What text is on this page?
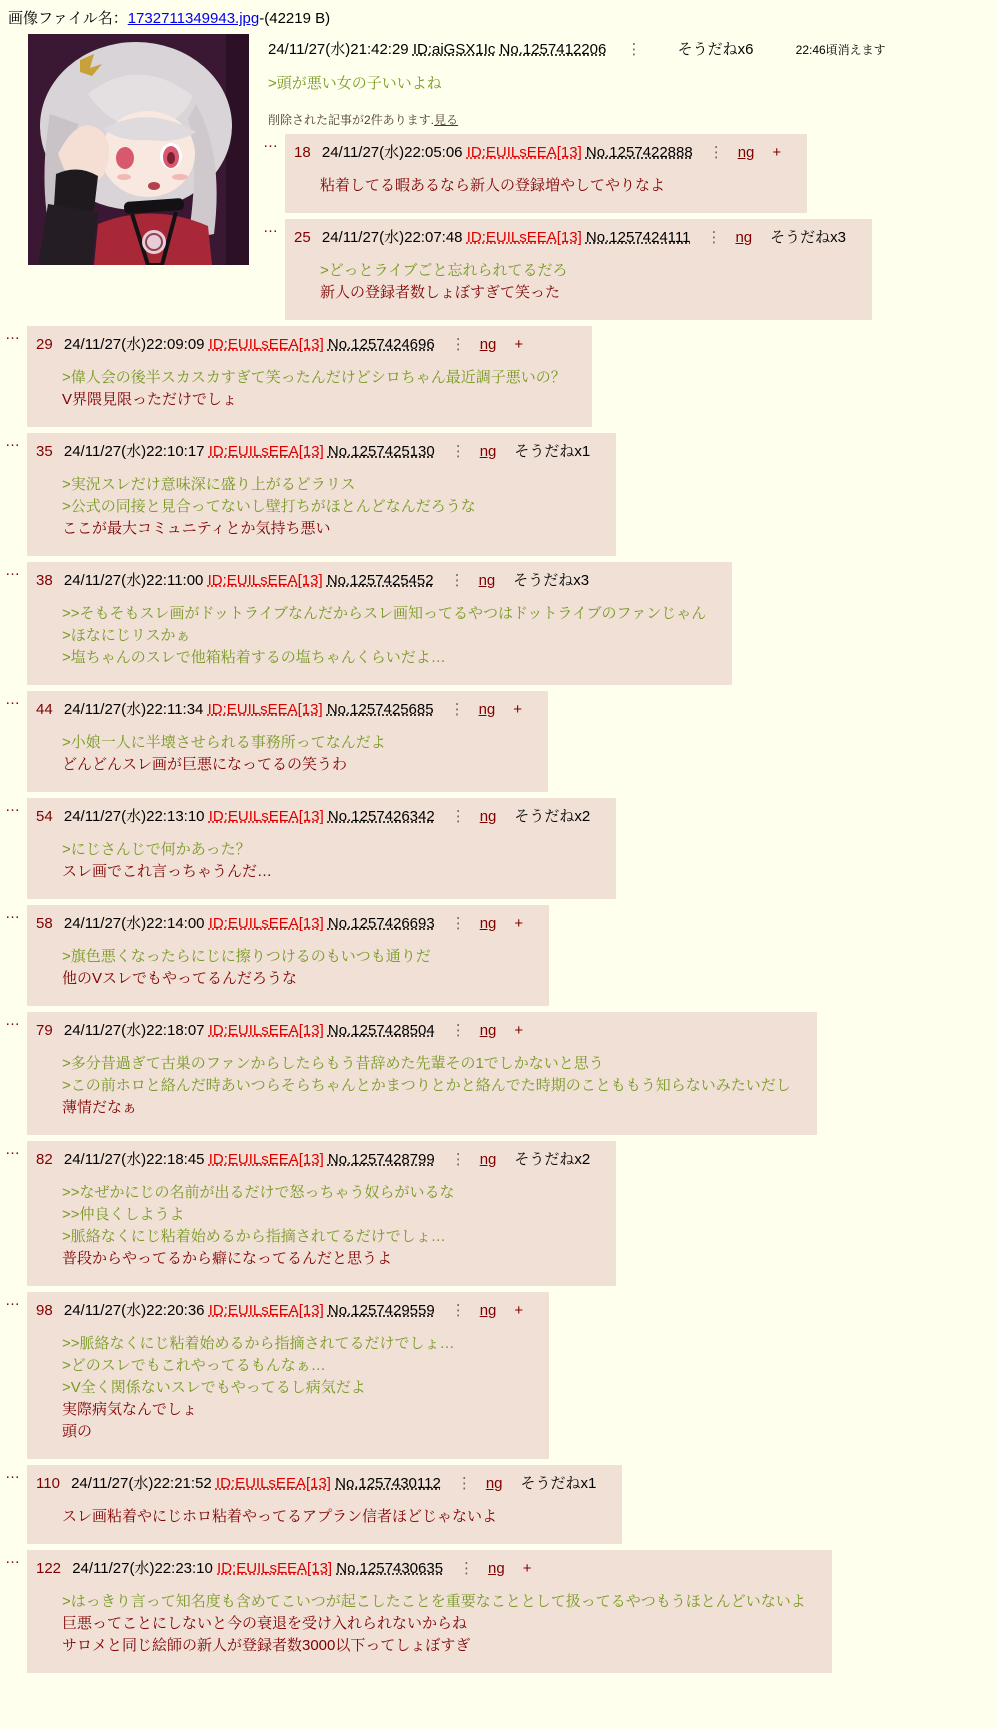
画像ファイル名：1732711349943.jpg-(42219 B)
24/11/27(水)21:42:29 ID:aiGSX1Ic No.1257412206 ⋮ そうだねx6	22:46頃消えます
>頭が悪い女の子いいよね
削除された記事が2件あります.見る
…
18 24/11/27(水)22:05:06 ID:EUILsEEA[13] No.1257422888 ⋮ ng +
粘着してる暇あるなら新人の登録増やしてやりなよ
…
25 24/11/27(水)22:07:48 ID:EUILsEEA[13] No.1257424111 ⋮ ng そうだねx3
>どっとライブごと忘れられてるだろ
新人の登録者数しょぼすぎて笑った
…
29 24/11/27(水)22:09:09 ID:EUILsEEA[13] No.1257424696 ⋮ ng +
>偉人会の後半スカスカすぎて笑ったんだけどシロちゃん最近調子悪いの？
V界隈見限っただけでしょ
…
35 24/11/27(水)22:10:17 ID:EUILsEEA[13] No.1257425130 ⋮ ng そうだねx1
>実況スレだけ意味深に盛り上がるどラリス
>公式の同接と見合ってないし壁打ちがほとんどなんだろうな
ここが最大コミュニティとか気持ち悪い
…
38 24/11/27(水)22:11:00 ID:EUILsEEA[13] No.1257425452 ⋮ ng そうだねx3
>>そもそもスレ画がドットライブなんだからスレ画知ってるやつはドットライブのファンじゃん
>ほなにじリスかぁ
>塩ちゃんのスレで他箱粘着するの塩ちゃんくらいだよ…
…
44 24/11/27(水)22:11:34 ID:EUILsEEA[13] No.1257425685 ⋮ ng +
>小娘一人に半壊させられる事務所ってなんだよ
どんどんスレ画が巨悪になってるの笑うわ
…
54 24/11/27(水)22:13:10 ID:EUILsEEA[13] No.1257426342 ⋮ ng そうだねx2
>にじさんじで何かあった？
スレ画でこれ言っちゃうんだ…
…
58 24/11/27(水)22:14:00 ID:EUILsEEA[13] No.1257426693 ⋮ ng +
>旗色悪くなったらにじに擦りつけるのもいつも通りだ
他のVスレでもやってるんだろうな
…
79 24/11/27(水)22:18:07 ID:EUILsEEA[13] No.1257428504 ⋮ ng +
>多分昔過ぎて古巣のファンからしたらもう昔辞めた先輩その1でしかないと思う
>この前ホロと絡んだ時あいつらそらちゃんとかまつりとかと絡んでた時期のことももう知らないみたいだし
薄情だなぁ
…
82 24/11/27(水)22:18:45 ID:EUILsEEA[13] No.1257428799 ⋮ ng そうだねx2
>>なぜかにじの名前が出るだけで怒っちゃう奴らがいるな
>>仲良くしようよ
>脈絡なくにじ粘着始めるから指摘されてるだけでしょ…
普段からやってるから癖になってるんだと思うよ
…
98 24/11/27(水)22:20:36 ID:EUILsEEA[13] No.1257429559 ⋮ ng +
>>脈絡なくにじ粘着始めるから指摘されてるだけでしょ…
>どのスレでもこれやってるもんなぁ…
>V全く関係ないスレでもやってるし病気だよ
実際病気なんでしょ
頭の
…
110 24/11/27(水)22:21:52 ID:EUILsEEA[13] No.1257430112 ⋮ ng そうだねx1
スレ画粘着やにじホロ粘着やってるアプラン信者ほどじゃないよ
…
122 24/11/27(水)22:23:10 ID:EUILsEEA[13] No.1257430635 ⋮ ng +
>はっきり言って知名度も含めてこいつが起こしたことを重要なこととして扱ってるやつもうほとんどいないよ
巨悪ってことにしないと今の衰退を受け入れられないからね
サロメと同じ絵師の新人が登録者数3000以下ってしょぼすぎ
